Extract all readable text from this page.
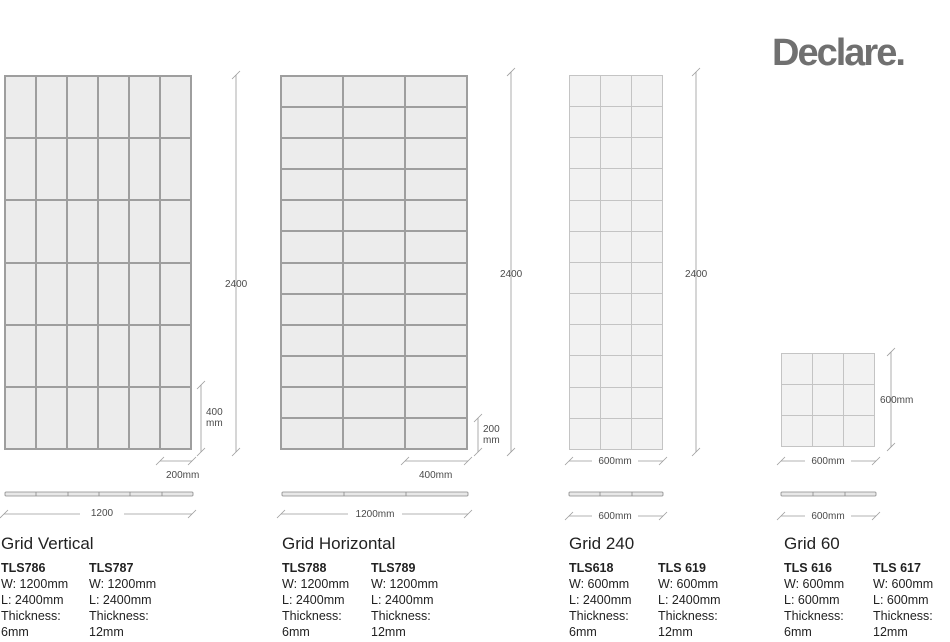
Declare.
2400
400 mm
200mm
1200
2400
200 mm
400mm
1200mm
2400
600mm
600mm
600mm
600mm
600mm
Grid Vertical	Grid Horizontal	Grid 240	Grid 60
TLS786
W: 1200mm
L: 2400mm
Thickness:
6mm
TLS787
W: 1200mm
L: 2400mm
Thickness:
12mm
TLS788
W: 1200mm
L: 2400mm
Thickness:
6mm
TLS789
W: 1200mm
L: 2400mm
Thickness:
12mm
TLS618
W: 600mm
L: 2400mm
Thickness:
6mm
TLS 619
W: 600mm
L: 2400mm
Thickness:
12mm
TLS 616
W: 600mm
L: 600mm
Thickness:
6mm
TLS 617
W: 600mm
L: 600mm
Thickness:
12mm
